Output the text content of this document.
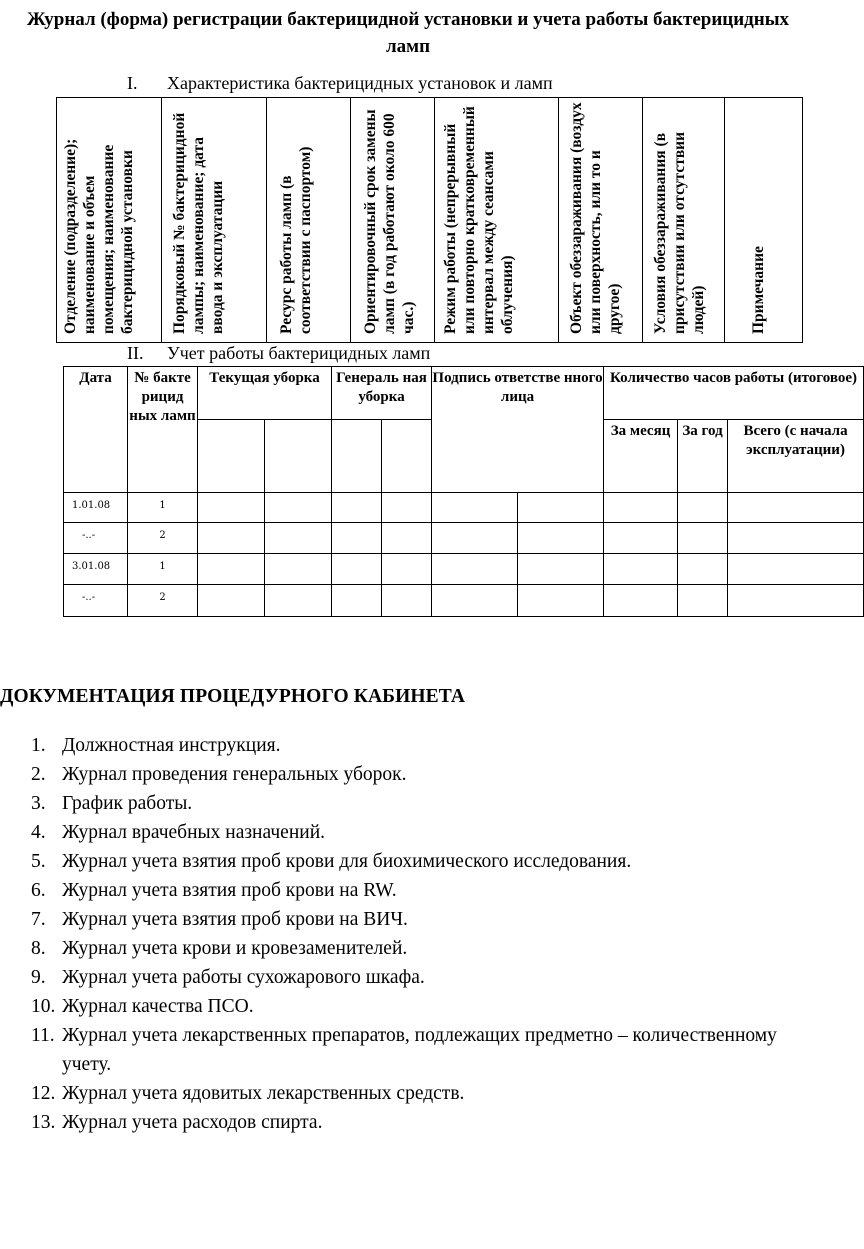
Журнал (форма) регистрации бактерицидной установки и учета работы бактерицидных ламп
I. Характеристика бактерицидных установок и ламп
Отделение (подразделение); наименование и объем помещения; наименование бактерицидной установки	Порядковый № бактерицидной лампы; наименование; дата ввода и эксплуатации	Ресурс работы ламп (в соответствии с паспортом)	Ориентировочный срок замены ламп (в год работают около 600 час.)	Режим работы (непрерывный или повторно кратковременный интервал между сеансами облучения)	Объект обеззараживания (воздух или поверхность, или то и другое)	Условия обеззараживания (в присутствии или отсутствии людей)	Примечание
II. Учет работы бактерицидных ламп
Дата	№ бакте рицид ных ламп	Текущая уборка		Генераль ная уборка		Подпись ответстве нного лица		Количество часов работы (итоговое)		
								За месяц	За год	Всего (с начала эксплуатации)
1.01.08	1									
-..-	2									
3.01.08	1									
-..-	2									
ДОКУМЕНТАЦИЯ ПРОЦЕДУРНОГО КАБИНЕТА
1. Должностная инструкция.
2. Журнал проведения генеральных уборок.
3. График работы.
4. Журнал врачебных назначений.
5. Журнал учета взятия проб крови для биохимического исследования.
6. Журнал учета взятия проб крови на RW.
7. Журнал учета взятия проб крови на ВИЧ.
8. Журнал учета крови и кровезаменителей.
9. Журнал учета работы сухожарового шкафа.
10. Журнал качества ПСО.
11. Журнал учета лекарственных препаратов, подлежащих предметно – количественному учету.
12. Журнал учета ядовитых лекарственных средств.
13. Журнал учета расходов спирта.
